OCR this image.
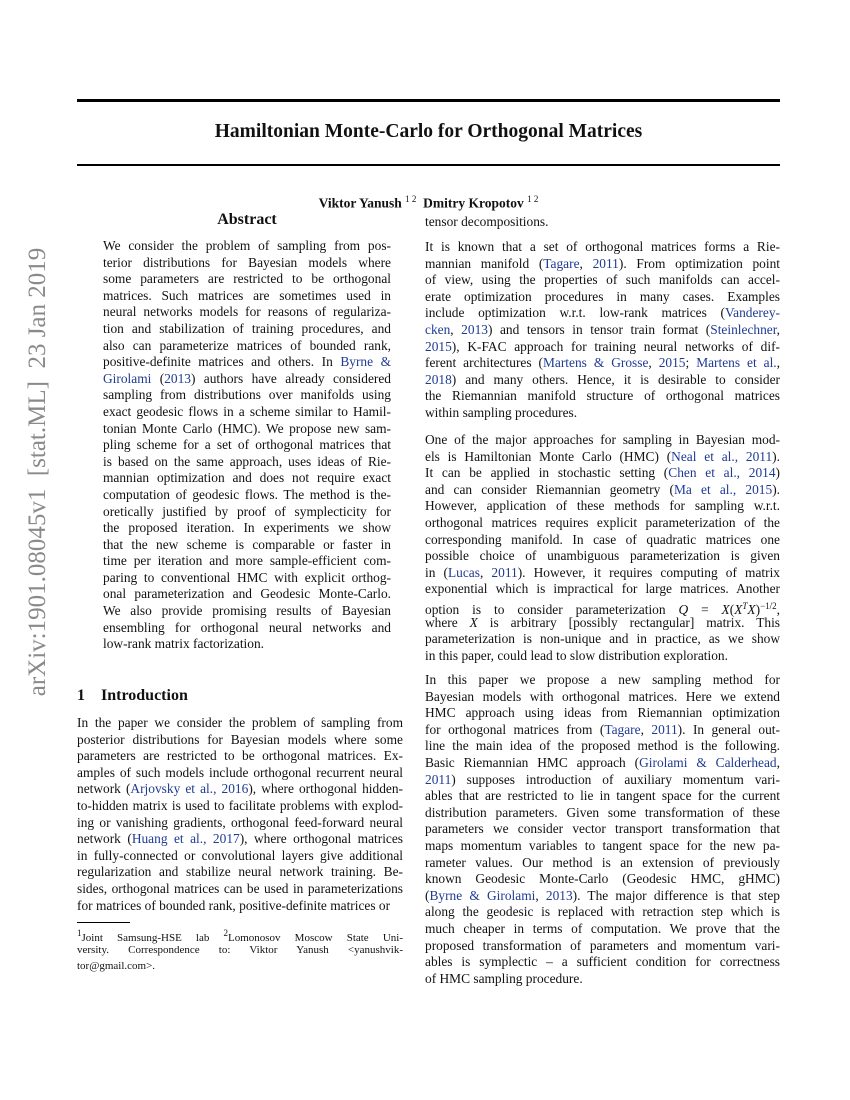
arXiv:1901.08045v1  [stat.ML]  23 Jan 2019
Hamiltonian Monte-Carlo for Orthogonal Matrices
Viktor Yanush $^{1 2}$ Dmitry Kropotov $^{1 2}$
Abstract
We consider the problem of sampling from pos-
terior distributions for Bayesian models where
some parameters are restricted to be orthogonal
matrices. Such matrices are sometimes used in
neural networks models for reasons of regulariza-
tion and stabilization of training procedures, and
also can parameterize matrices of bounded rank,
positive-definite matrices and others. In Byrne &
Girolami (2013) authors have already considered
sampling from distributions over manifolds using
exact geodesic flows in a scheme similar to Hamil-
tonian Monte Carlo (HMC). We propose new sam-
pling scheme for a set of orthogonal matrices that
is based on the same approach, uses ideas of Rie-
mannian optimization and does not require exact
computation of geodesic flows. The method is the-
oretically justified by proof of symplecticity for
the proposed iteration. In experiments we show
that the new scheme is comparable or faster in
time per iteration and more sample-efficient com-
paring to conventional HMC with explicit orthog-
onal parameterization and Geodesic Monte-Carlo.
We also provide promising results of Bayesian
ensembling for orthogonal neural networks and
low-rank matrix factorization.
1 Introduction
In the paper we consider the problem of sampling from
posterior distributions for Bayesian models where some
parameters are restricted to be orthogonal matrices. Ex-
amples of such models include orthogonal recurrent neural
network (Arjovsky et al., 2016), where orthogonal hidden-
to-hidden matrix is used to facilitate problems with explod-
ing or vanishing gradients, orthogonal feed-forward neural
network (Huang et al., 2017), where orthogonal matrices
in fully-connected or convolutional layers give additional
regularization and stabilize neural network training. Be-
sides, orthogonal matrices can be used in parameterizations
for matrices of bounded rank, positive-definite matrices or
$^1$Joint Samsung-HSE lab $^2$Lomonosov Moscow State Uni-
versity. Correspondence to: Viktor Yanush <yanushvik-
tor@gmail.com>.
tensor decompositions.
It is known that a set of orthogonal matrices forms a Rie-
mannian manifold (Tagare, 2011). From optimization point
of view, using the properties of such manifolds can accel-
erate optimization procedures in many cases. Examples
include optimization w.r.t. low-rank matrices (Vanderey-
cken, 2013) and tensors in tensor train format (Steinlechner,
2015), K-FAC approach for training neural networks of dif-
ferent architectures (Martens & Grosse, 2015; Martens et al.,
2018) and many others. Hence, it is desirable to consider
the Riemannian manifold structure of orthogonal matrices
within sampling procedures.
One of the major approaches for sampling in Bayesian mod-
els is Hamiltonian Monte Carlo (HMC) (Neal et al., 2011).
It can be applied in stochastic setting (Chen et al., 2014)
and can consider Riemannian geometry (Ma et al., 2015).
However, application of these methods for sampling w.r.t.
orthogonal matrices requires explicit parameterization of the
corresponding manifold. In case of quadratic matrices one
possible choice of unambiguous parameterization is given
in (Lucas, 2011). However, it requires computing of matrix
exponential which is impractical for large matrices. Another
option is to consider parameterization $Q = X(X^TX)^{-1/2}$,
where X is arbitrary [possibly rectangular] matrix. This
parameterization is non-unique and in practice, as we show
in this paper, could lead to slow distribution exploration.
In this paper we propose a new sampling method for
Bayesian models with orthogonal matrices. Here we extend
HMC approach using ideas from Riemannian optimization
for orthogonal matrices from (Tagare, 2011). In general out-
line the main idea of the proposed method is the following.
Basic Riemannian HMC approach (Girolami & Calderhead,
2011) supposes introduction of auxiliary momentum vari-
ables that are restricted to lie in tangent space for the current
distribution parameters. Given some transformation of these
parameters we consider vector transport transformation that
maps momentum variables to tangent space for the new pa-
rameter values. Our method is an extension of previously
known Geodesic Monte-Carlo (Geodesic HMC, gHMC)
(Byrne & Girolami, 2013). The major difference is that step
along the geodesic is replaced with retraction step which is
much cheaper in terms of computation. We prove that the
proposed transformation of parameters and momentum vari-
ables is symplectic – a sufficient condition for correctness
of HMC sampling procedure.
